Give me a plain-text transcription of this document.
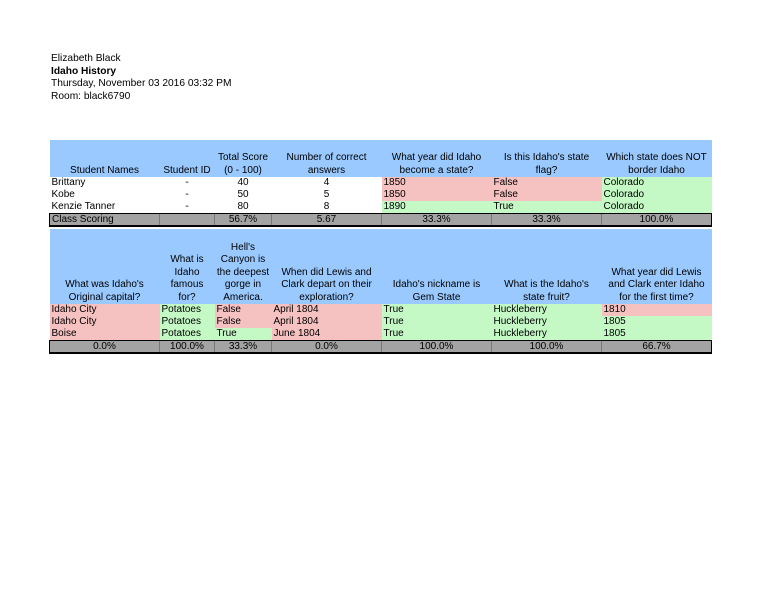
Elizabeth Black
Idaho History
Thursday, November 03 2016 03:32 PM
Room: black6790
Student Names	Student ID	Total Score (0 - 100)	Number of correct answers	What year did Idaho become a state?	Is this Idaho's state flag?	Which state does NOT border Idaho
Brittany	-	40	4	1850	False	Colorado
Kobe	-	50	5	1850	False	Colorado
Kenzie Tanner	-	80	8	1890	True	Colorado
Class Scoring		56.7%	5.67	33.3%	33.3%	100.0%
What was Idaho's Original capital?	What is Idaho famous for?	Hell's Canyon is the deepest gorge in America.	When did Lewis and Clark depart on their exploration?	Idaho's nickname is Gem State	What is the Idaho's state fruit?	What year did Lewis and Clark enter Idaho for the first time?
Idaho City	Potatoes	False	April 1804	True	Huckleberry	1810
Idaho City	Potatoes	False	April 1804	True	Huckleberry	1805
Boise	Potatoes	True	June 1804	True	Huckleberry	1805
0.0%	100.0%	33.3%	0.0%	100.0%	100.0%	66.7%
